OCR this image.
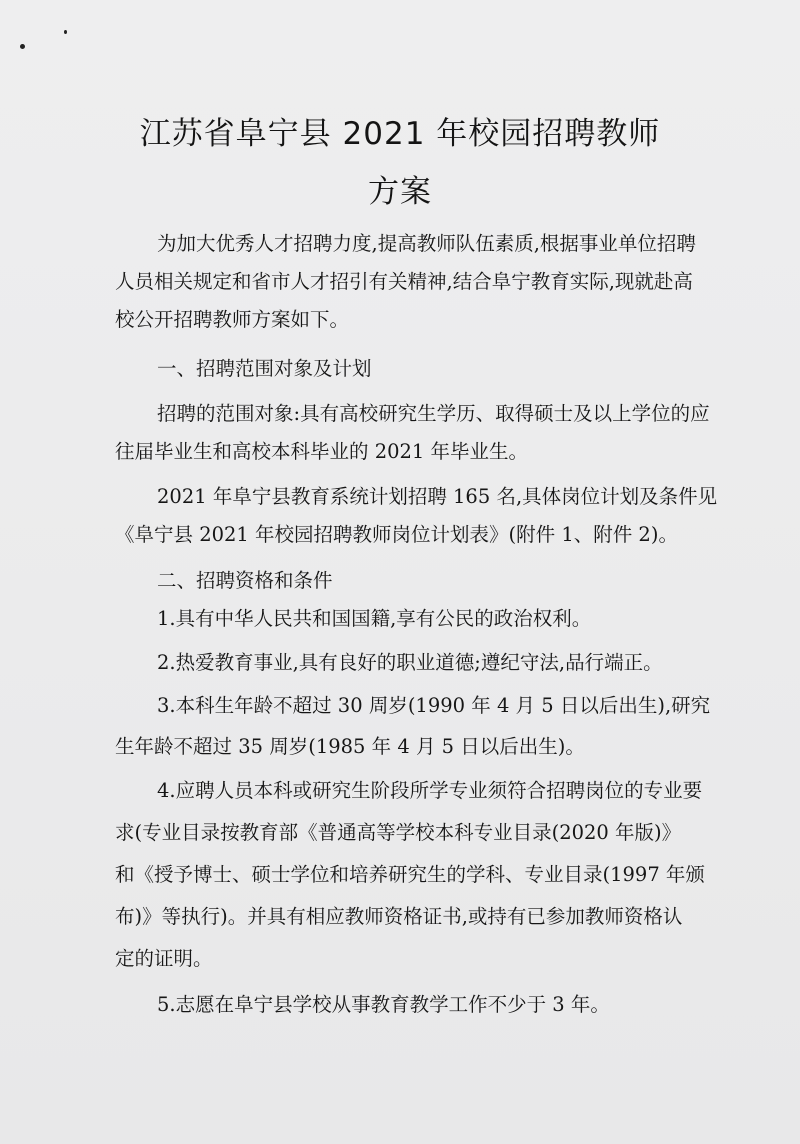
江苏省阜宁县 2021 年校园招聘教师
方案
为加大优秀人才招聘力度,提高教师队伍素质,根据事业单位招聘
人员相关规定和省市人才招引有关精神,结合阜宁教育实际,现就赴高
校公开招聘教师方案如下。
一、招聘范围对象及计划
招聘的范围对象:具有高校研究生学历、取得硕士及以上学位的应
往届毕业生和高校本科毕业的 2021 年毕业生。
2021 年阜宁县教育系统计划招聘 165 名,具体岗位计划及条件见
《阜宁县 2021 年校园招聘教师岗位计划表》(附件 1、附件 2)。
二、招聘资格和条件
1.具有中华人民共和国国籍,享有公民的政治权利。
2.热爱教育事业,具有良好的职业道德;遵纪守法,品行端正。
3.本科生年龄不超过 30 周岁(1990 年 4 月 5 日以后出生),研究
生年龄不超过 35 周岁(1985 年 4 月 5 日以后出生)。
4.应聘人员本科或研究生阶段所学专业须符合招聘岗位的专业要
求(专业目录按教育部《普通高等学校本科专业目录(2020 年版)》
和《授予博士、硕士学位和培养研究生的学科、专业目录(1997 年颁
布)》等执行)。并具有相应教师资格证书,或持有已参加教师资格认
定的证明。
5.志愿在阜宁县学校从事教育教学工作不少于 3 年。
